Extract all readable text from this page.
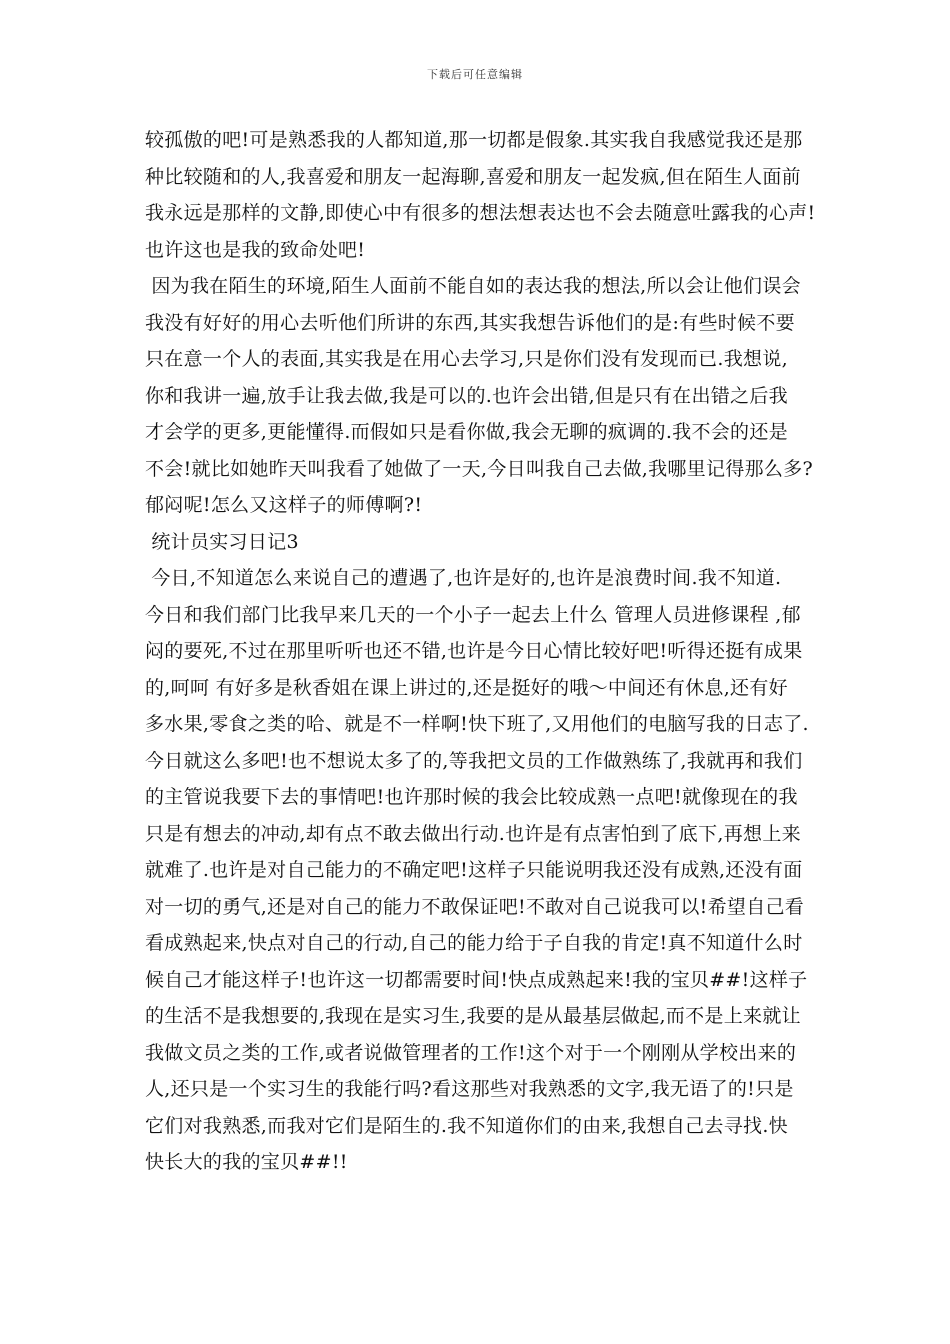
下载后可任意编辑
较孤傲的吧!可是熟悉我的人都知道,那一切都是假象.其实我自我感觉我还是那
种比较随和的人,我喜爱和朋友一起海聊,喜爱和朋友一起发疯,但在陌生人面前
我永远是那样的文静,即使心中有很多的想法想表达也不会去随意吐露我的心声!
也许这也是我的致命处吧!
因为我在陌生的环境,陌生人面前不能自如的表达我的想法,所以会让他们误会
我没有好好的用心去听他们所讲的东西,其实我想告诉他们的是:有些时候不要
只在意一个人的表面,其实我是在用心去学习,只是你们没有发现而已.我想说,
你和我讲一遍,放手让我去做,我是可以的.也许会出错,但是只有在出错之后我
才会学的更多,更能懂得.而假如只是看你做,我会无聊的疯调的.我不会的还是
不会!就比如她昨天叫我看了她做了一天,今日叫我自己去做,我哪里记得那么多?
郁闷呢!怎么又这样子的师傅啊?!
统计员实习日记3
今日,不知道怎么来说自己的遭遇了,也许是好的,也许是浪费时间.我不知道.
今日和我们部门比我早来几天的一个小子一起去上什么 管理人员进修课程 ,郁
闷的要死,不过在那里听听也还不错,也许是今日心情比较好吧!听得还挺有成果
的,呵呵 有好多是秋香姐在课上讲过的,还是挺好的哦～中间还有休息,还有好
多水果,零食之类的哈、就是不一样啊!快下班了,又用他们的电脑写我的日志了.
今日就这么多吧!也不想说太多了的,等我把文员的工作做熟练了,我就再和我们
的主管说我要下去的事情吧!也许那时候的我会比较成熟一点吧!就像现在的我
只是有想去的冲动,却有点不敢去做出行动.也许是有点害怕到了底下,再想上来
就难了.也许是对自己能力的不确定吧!这样子只能说明我还没有成熟,还没有面
对一切的勇气,还是对自己的能力不敢保证吧!不敢对自己说我可以!希望自己看
看成熟起来,快点对自己的行动,自己的能力给于子自我的肯定!真不知道什么时
候自己才能这样子!也许这一切都需要时间!快点成熟起来!我的宝贝##!这样子
的生活不是我想要的,我现在是实习生,我要的是从最基层做起,而不是上来就让
我做文员之类的工作,或者说做管理者的工作!这个对于一个刚刚从学校出来的
人,还只是一个实习生的我能行吗?看这那些对我熟悉的文字,我无语了的!只是
它们对我熟悉,而我对它们是陌生的.我不知道你们的由来,我想自己去寻找.快
快长大的我的宝贝##!!
